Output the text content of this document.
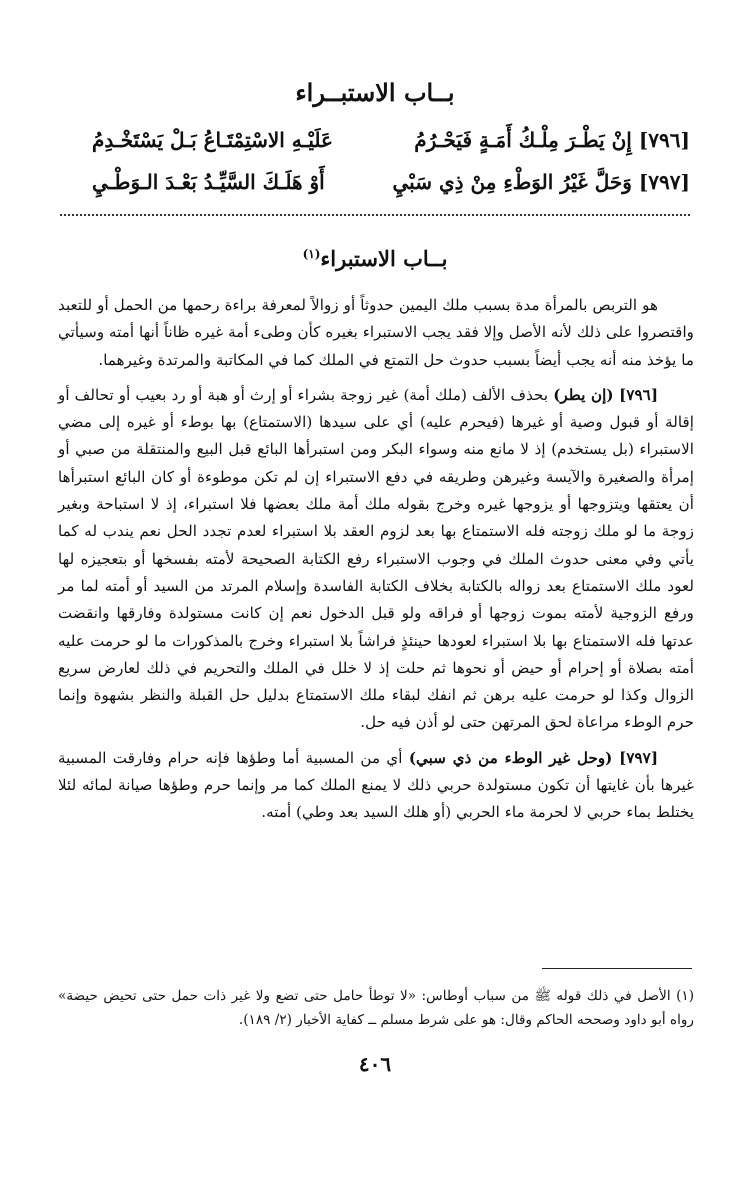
بــاب الاستبــراء
[٧٩٦] إِنْ يَطْـرَ مِلْـكُ أَمَـةٍ فَيَحْـرُمُ
عَلَيْـهِ الاسْتِمْتَـاعُ بَـلْ يَسْتَخْـدِمُ
[٧٩٧] وَحَلَّ غَيْرُ الوَطْءِ مِنْ ذِي سَبْيِ
أَوْ هَلَـكَ السَّيِّـدُ بَعْـدَ الـوَطْـيِ
بــاب الاستبراء$^{(١)}$

هو التربص بالمرأة مدة بسبب ملك اليمين حدوثاً أو زوالاً لمعرفة براءة رحمها من الحمل أو للتعبد واقتصروا على ذلك لأنه الأصل وإلا فقد يجب الاستبراء بغيره كأن وطىء أمة غيره ظاناً أنها أمته وسيأتي ما يؤخذ منه أنه يجب أيضاً بسبب حدوث حل التمتع في الملك كما في المكاتبة والمرتدة وغيرهما.

[٧٩٦] (إن يطر) بحذف الألف (ملك أمة) غير زوجة بشراء أو إرث أو هبة أو رد بعيب أو تحالف أو إقالة أو قبول وصية أو غيرها (فيحرم عليه) أي على سيدها (الاستمتاع) بها بوطء أو غيره إلى مضي الاستبراء (بل يستخدم) إذ لا مانع منه وسواء البكر ومن استبرأها البائع قبل البيع والمنتقلة من صبي أو إمرأة والصغيرة والآيسة وغيرهن وطريقه في دفع الاستبراء إن لم تكن موطوءة أو كان البائع استبرأها أن يعتقها ويتزوجها أو يزوجها غيره وخرج بقوله ملك أمة ملك بعضها فلا استبراء، إذ لا استباحة وبغير زوجة ما لو ملك زوجته فله الاستمتاع بها بعد لزوم العقد بلا استبراء لعدم تجدد الحل نعم يندب له كما يأتي وفي معنى حدوث الملك في وجوب الاستبراء رفع الكتابة الصحيحة لأمته بفسخها أو بتعجيزه لها لعود ملك الاستمتاع بعد زواله بالكتابة بخلاف الكتابة الفاسدة وإسلام المرتد من السيد أو أمته لما مر ورفع الزوجية لأمته بموت زوجها أو فراقه ولو قبل الدخول نعم إن كانت مستولدة وفارقها وانقضت عدتها فله الاستمتاع بها بلا استبراء لعودها حينئذٍ فراشاً بلا استبراء وخرج بالمذكورات ما لو حرمت عليه أمته بصلاة أو إحرام أو حيض أو نحوها ثم حلت إذ لا خلل في الملك والتحريم في ذلك لعارض سريع الزوال وكذا لو حرمت عليه برهن ثم انفك لبقاء ملك الاستمتاع بدليل حل القبلة والنظر بشهوة وإنما حرم الوطء مراعاة لحق المرتهن حتى لو أذن فيه حل.

[٧٩٧] (وحل غير الوطء من ذي سبي) أي من المسبية أما وطؤها فإنه حرام وفارقت المسبية غيرها بأن غايتها أن تكون مستولدة حربي ذلك لا يمنع الملك كما مر وإنما حرم وطؤها صيانة لمائه لئلا يختلط بماء حربي لا لحرمة ماء الحربي (أو هلك السيد بعد وطي) أمته.

(١) الأصل في ذلك قوله ﷺ من سباب أوطاس: «لا توطأ حامل حتى تضع ولا غير ذات حمل حتى تحيض حيضة» رواه أبو داود وصححه الحاكم وقال: هو على شرط مسلم ــ كفاية الأخبار (٢/ ١٨٩).
٤٠٦
